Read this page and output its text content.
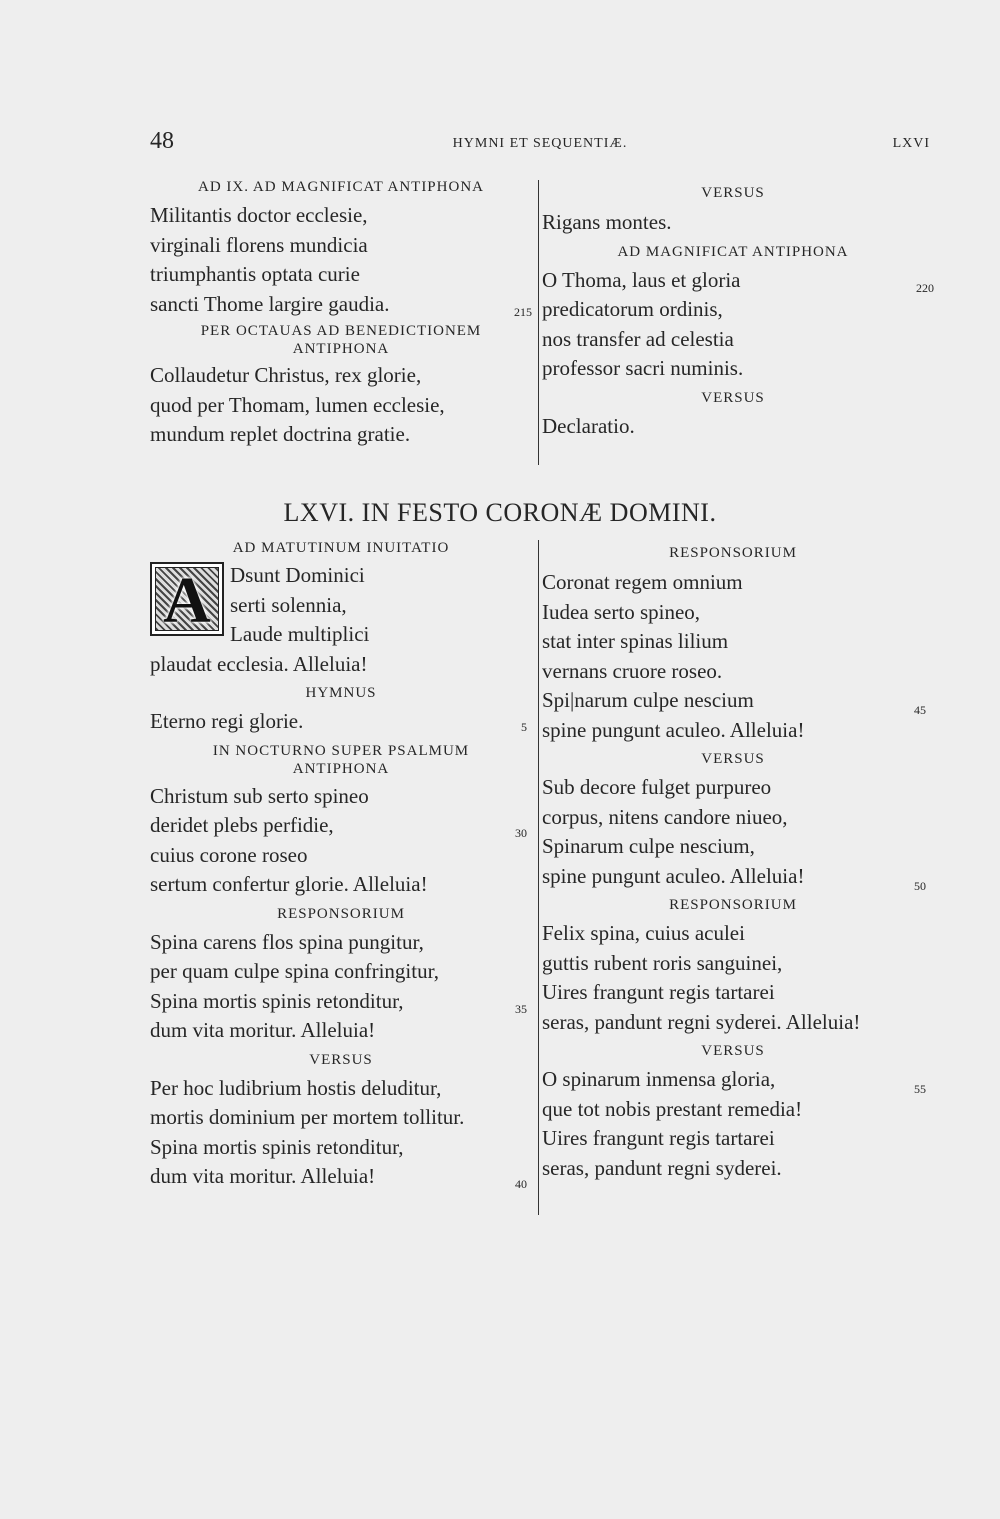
48	HYMNI ET SEQUENTIÆ.	LXVI
AD IX. AD MAGNIFICAT ANTIPHONA
Militantis doctor ecclesie,
virginali florens mundicia
triumphantis optata curie
sancti Thome largire gaudia.	215
PER OCTAUAS AD BENEDICTIONEM
ANTIPHONA
Collaudetur Christus, rex glorie,
quod per Thomam, lumen ecclesie,
mundum replet doctrina gratie.
VERSUS
Rigans montes.
AD MAGNIFICAT ANTIPHONA
O Thoma, laus et gloria	220
predicatorum ordinis,
nos transfer ad celestia
professor sacri numinis.
VERSUS
Declaratio.
LXVI. IN FESTO CORONÆ DOMINI.
AD MATUTINUM INUITATIO
A Dsunt Dominici
serti solennia,
Laude multiplici
plaudat ecclesia. Alleluia!
HYMNUS
Eterno regi glorie.	5
IN NOCTURNO SUPER PSALMUM
ANTIPHONA
Christum sub serto spineo
deridet plebs perfidie,	30
cuius corone roseo
sertum confertur glorie. Alleluia!
RESPONSORIUM
Spina carens flos spina pungitur,
per quam culpe spina confringitur,
Spina mortis spinis retonditur,	35
dum vita moritur. Alleluia!
VERSUS
Per hoc ludibrium hostis deluditur,
mortis dominium per mortem tollitur.
Spina mortis spinis retonditur,
dum vita moritur. Alleluia!	40
RESPONSORIUM
Coronat regem omnium
Iudea serto spineo,
stat inter spinas lilium
vernans cruore roseo.
Spi|narum culpe nescium	45
spine pungunt aculeo. Alleluia!
VERSUS
Sub decore fulget purpureo
corpus, nitens candore niueo,
Spinarum culpe nescium,
spine pungunt aculeo. Alleluia!	50
RESPONSORIUM
Felix spina, cuius aculei
guttis rubent roris sanguinei,
Uires frangunt regis tartarei
seras, pandunt regni syderei. Alleluia!
VERSUS
O spinarum inmensa gloria,	55
que tot nobis prestant remedia!
Uires frangunt regis tartarei
seras, pandunt regni syderei.
